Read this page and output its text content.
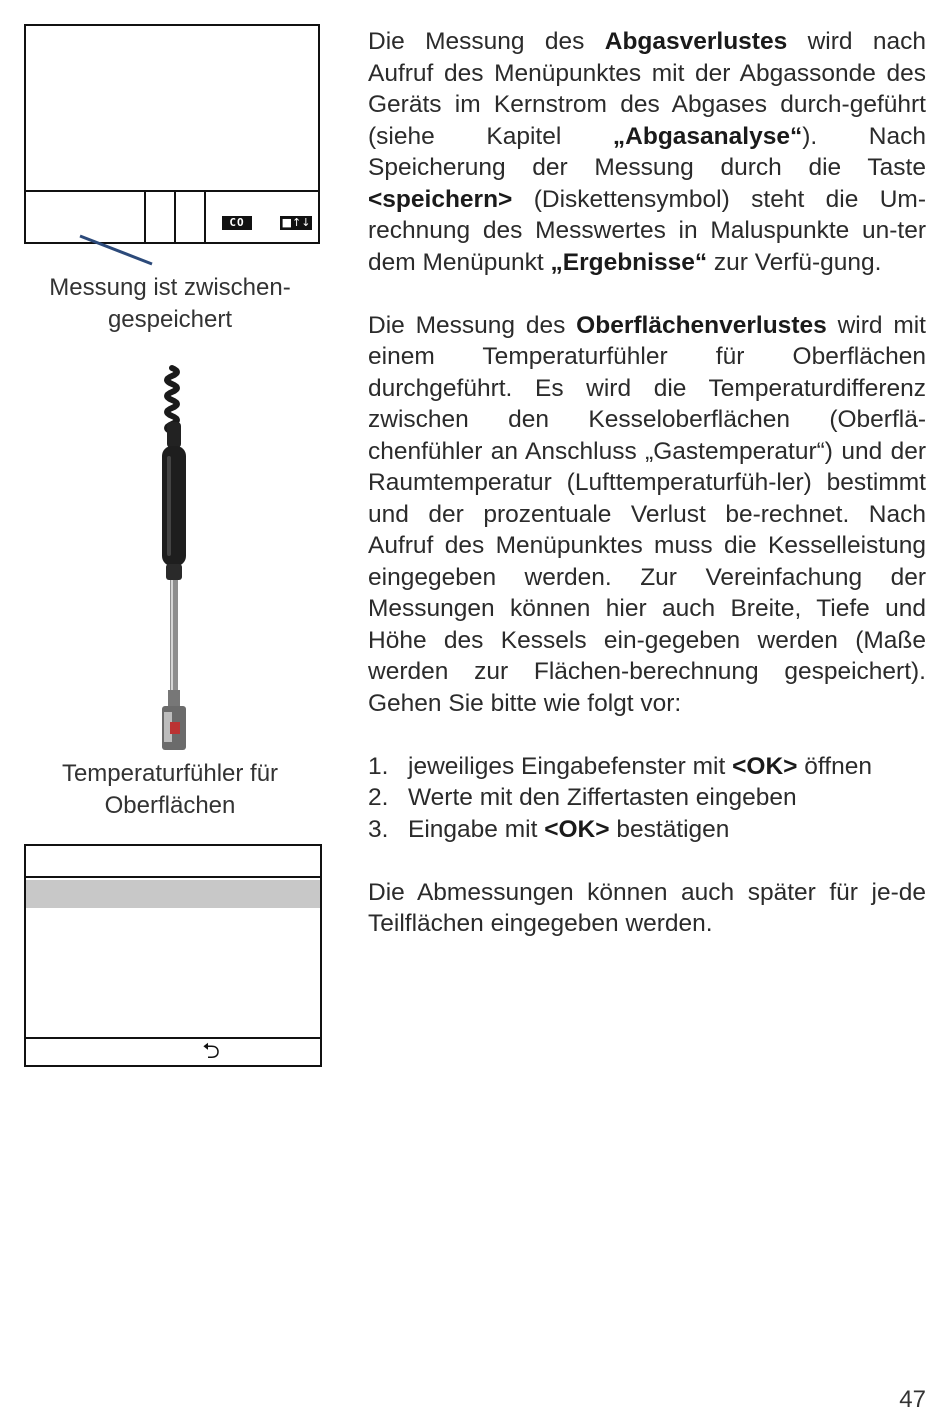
CO	■↑↓
Messung ist zwischen-
gespeichert
Temperaturfühler für
Oberflächen
⮌

Die Messung des Abgasverlustes wird nach Aufruf des Menüpunktes mit der Abgassonde des Geräts im Kernstrom des Abgases durch-geführt (siehe Kapitel „Abgasanalyse“). Nach Speicherung der Messung durch die Taste <speichern> (Diskettensymbol) steht die Um-rechnung des Messwertes in Maluspunkte un-ter dem Menüpunkt „Ergebnisse“ zur Verfü-gung.

Die Messung des Oberflächenverlustes wird mit einem Temperaturfühler für Oberflächen durchgeführt. Es wird die Temperaturdifferenz zwischen den Kesseloberflächen (Oberflä-chenfühler an Anschluss „Gastemperatur“) und der Raumtemperatur (Lufttemperaturfüh-ler) bestimmt und der prozentuale Verlust be-rechnet. Nach Aufruf des Menüpunktes muss die Kesselleistung eingegeben werden. Zur Vereinfachung der Messungen können hier auch Breite, Tiefe und Höhe des Kessels ein-gegeben werden (Maße werden zur Flächen-berechnung gespeichert). Gehen Sie bitte wie folgt vor:

1. jeweiliges Eingabefenster mit <OK> öffnen
2. Werte mit den Ziffertasten eingeben
3. Eingabe mit <OK> bestätigen

Die Abmessungen können auch später für je-de Teilflächen eingegeben werden.

47
